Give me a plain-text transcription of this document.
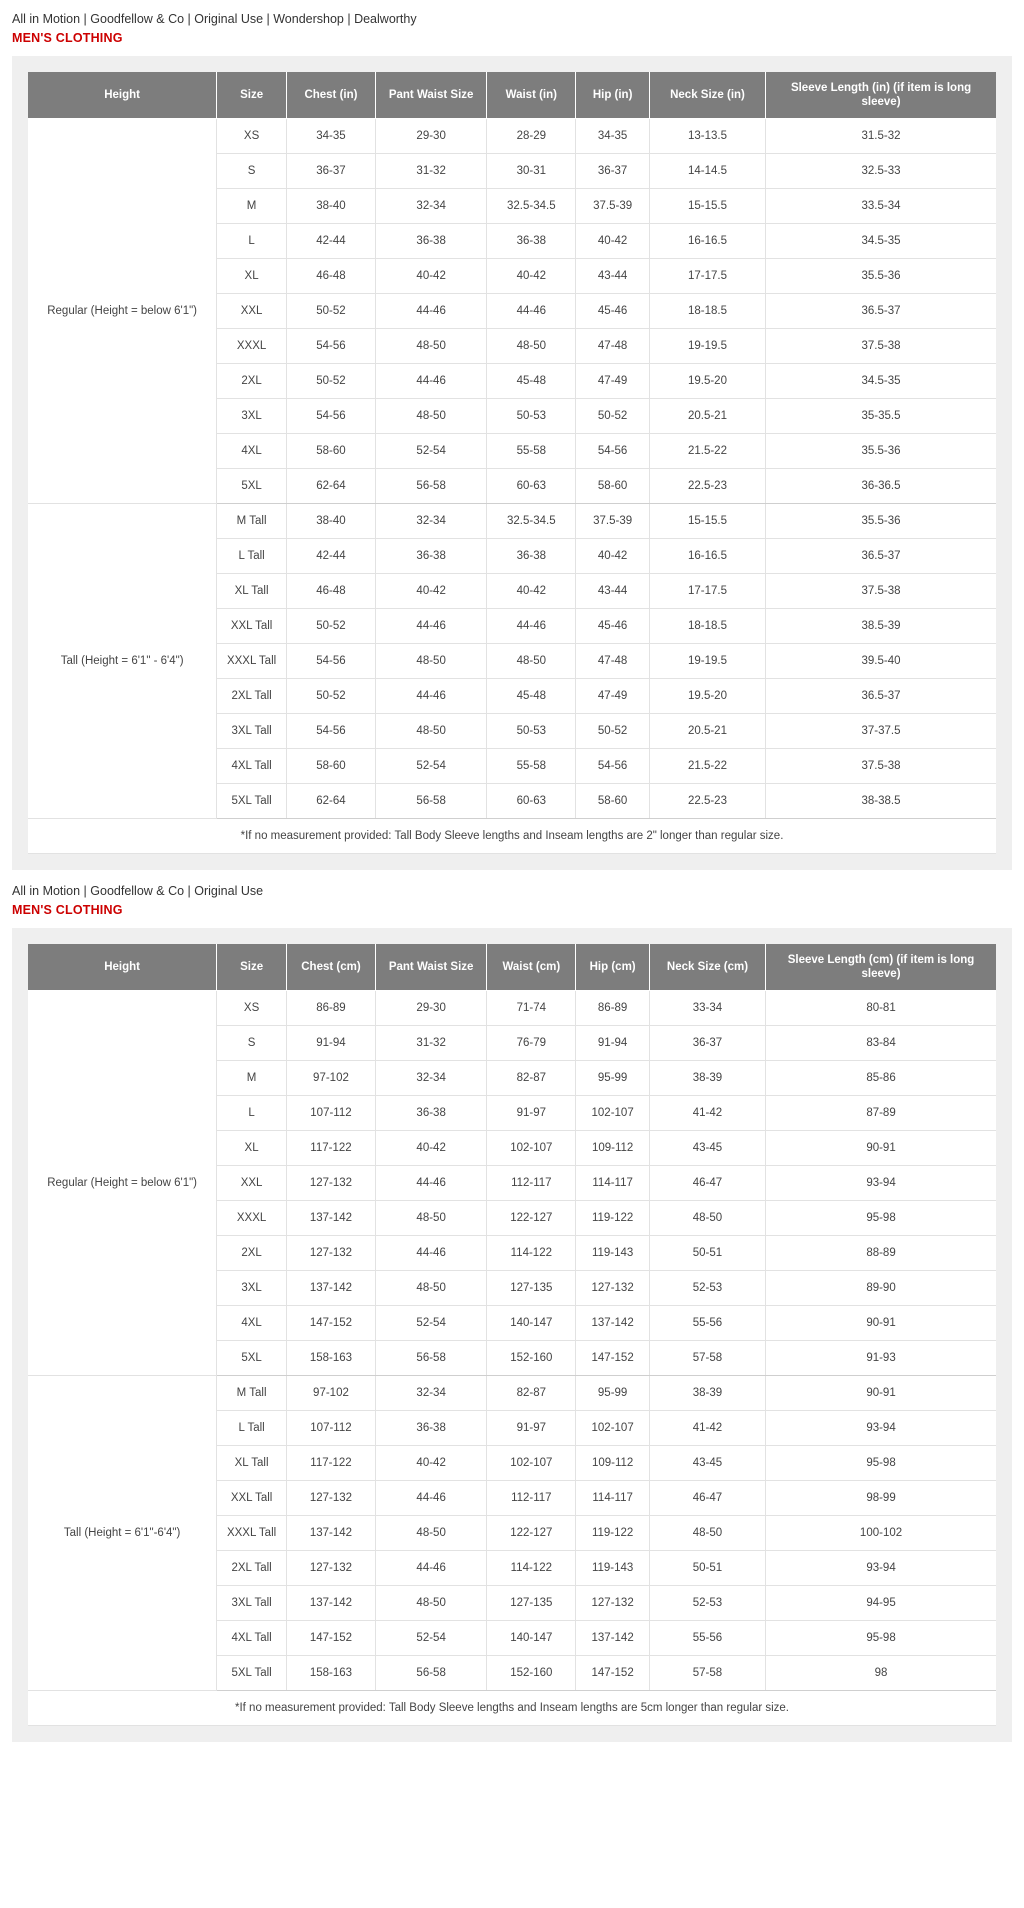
All in Motion | Goodfellow & Co | Original Use | Wondershop | Dealworthy
MEN'S CLOTHING
Height	Size	Chest (in)	Pant Waist Size	Waist (in)	Hip (in)	Neck Size (in)	Sleeve Length (in) (if item is long sleeve)
Regular (Height = below 6'1")	XS	34-35	29-30	28-29	34-35	13-13.5	31.5-32
	S	36-37	31-32	30-31	36-37	14-14.5	32.5-33
	M	38-40	32-34	32.5-34.5	37.5-39	15-15.5	33.5-34
	L	42-44	36-38	36-38	40-42	16-16.5	34.5-35
	XL	46-48	40-42	40-42	43-44	17-17.5	35.5-36
	XXL	50-52	44-46	44-46	45-46	18-18.5	36.5-37
	XXXL	54-56	48-50	48-50	47-48	19-19.5	37.5-38
	2XL	50-52	44-46	45-48	47-49	19.5-20	34.5-35
	3XL	54-56	48-50	50-53	50-52	20.5-21	35-35.5
	4XL	58-60	52-54	55-58	54-56	21.5-22	35.5-36
	5XL	62-64	56-58	60-63	58-60	22.5-23	36-36.5
Tall (Height = 6'1" - 6'4")	M Tall	38-40	32-34	32.5-34.5	37.5-39	15-15.5	35.5-36
	L Tall	42-44	36-38	36-38	40-42	16-16.5	36.5-37
	XL Tall	46-48	40-42	40-42	43-44	17-17.5	37.5-38
	XXL Tall	50-52	44-46	44-46	45-46	18-18.5	38.5-39
	XXXL Tall	54-56	48-50	48-50	47-48	19-19.5	39.5-40
	2XL Tall	50-52	44-46	45-48	47-49	19.5-20	36.5-37
	3XL Tall	54-56	48-50	50-53	50-52	20.5-21	37-37.5
	4XL Tall	58-60	52-54	55-58	54-56	21.5-22	37.5-38
	5XL Tall	62-64	56-58	60-63	58-60	22.5-23	38-38.5
*If no measurement provided: Tall Body Sleeve lengths and Inseam lengths are 2" longer than regular size.							
All in Motion | Goodfellow & Co | Original Use
MEN'S CLOTHING
Height	Size	Chest (cm)	Pant Waist Size	Waist (cm)	Hip (cm)	Neck Size (cm)	Sleeve Length (cm) (if item is long sleeve)
Regular (Height = below 6'1")	XS	86-89	29-30	71-74	86-89	33-34	80-81
	S	91-94	31-32	76-79	91-94	36-37	83-84
	M	97-102	32-34	82-87	95-99	38-39	85-86
	L	107-112	36-38	91-97	102-107	41-42	87-89
	XL	117-122	40-42	102-107	109-112	43-45	90-91
	XXL	127-132	44-46	112-117	114-117	46-47	93-94
	XXXL	137-142	48-50	122-127	119-122	48-50	95-98
	2XL	127-132	44-46	114-122	119-143	50-51	88-89
	3XL	137-142	48-50	127-135	127-132	52-53	89-90
	4XL	147-152	52-54	140-147	137-142	55-56	90-91
	5XL	158-163	56-58	152-160	147-152	57-58	91-93
Tall (Height = 6'1"-6'4")	M Tall	97-102	32-34	82-87	95-99	38-39	90-91
	L Tall	107-112	36-38	91-97	102-107	41-42	93-94
	XL Tall	117-122	40-42	102-107	109-112	43-45	95-98
	XXL Tall	127-132	44-46	112-117	114-117	46-47	98-99
	XXXL Tall	137-142	48-50	122-127	119-122	48-50	100-102
	2XL Tall	127-132	44-46	114-122	119-143	50-51	93-94
	3XL Tall	137-142	48-50	127-135	127-132	52-53	94-95
	4XL Tall	147-152	52-54	140-147	137-142	55-56	95-98
	5XL Tall	158-163	56-58	152-160	147-152	57-58	98
*If no measurement provided: Tall Body Sleeve lengths and Inseam lengths are 5cm longer than regular size.							
